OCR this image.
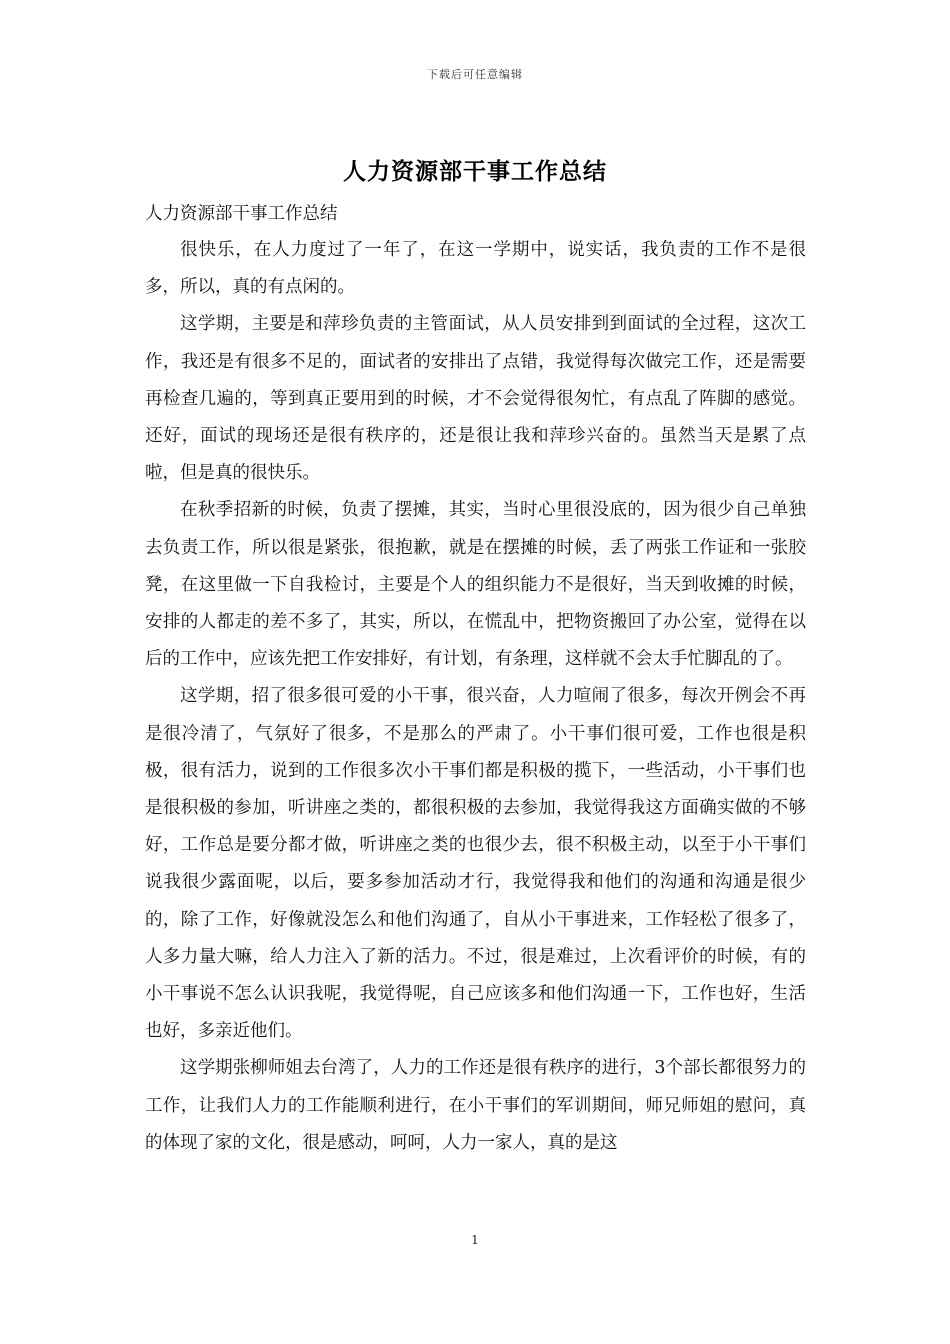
下载后可任意编辑
人力资源部干事工作总结

人力资源部干事工作总结

很快乐，在人力度过了一年了，在这一学期中，说实话，我负责的工作不是很多，所以，真的有点闲的。

这学期，主要是和萍珍负责的主管面试，从人员安排到到面试的全过程，这次工作，我还是有很多不足的，面试者的安排出了点错，我觉得每次做完工作，还是需要再检查几遍的，等到真正要用到的时候，才不会觉得很匆忙，有点乱了阵脚的感觉。还好，面试的现场还是很有秩序的，还是很让我和萍珍兴奋的。虽然当天是累了点啦，但是真的很快乐。

在秋季招新的时候，负责了摆摊，其实，当时心里很没底的，因为很少自己单独去负责工作，所以很是紧张，很抱歉，就是在摆摊的时候，丢了两张工作证和一张胶凳，在这里做一下自我检讨，主要是个人的组织能力不是很好，当天到收摊的时候，安排的人都走的差不多了，其实，所以，在慌乱中，把物资搬回了办公室，觉得在以后的工作中，应该先把工作安排好，有计划，有条理，这样就不会太手忙脚乱的了。

这学期，招了很多很可爱的小干事，很兴奋，人力喧闹了很多，每次开例会不再是很冷清了，气氛好了很多，不是那么的严肃了。小干事们很可爱，工作也很是积极，很有活力，说到的工作很多次小干事们都是积极的揽下，一些活动，小干事们也是很积极的参加，听讲座之类的，都很积极的去参加，我觉得我这方面确实做的不够好，工作总是要分都才做，听讲座之类的也很少去，很不积极主动，以至于小干事们说我很少露面呢，以后，要多参加活动才行，我觉得我和他们的沟通和沟通是很少的，除了工作，好像就没怎么和他们沟通了，自从小干事进来，工作轻松了很多了，人多力量大嘛，给人力注入了新的活力。不过，很是难过，上次看评价的时候，有的小干事说不怎么认识我呢，我觉得呢，自己应该多和他们沟通一下，工作也好，生活也好，多亲近他们。

这学期张柳师姐去台湾了，人力的工作还是很有秩序的进行，3个部长都很努力的工作，让我们人力的工作能顺利进行，在小干事们的军训期间，师兄师姐的慰问，真的体现了家的文化，很是感动，呵呵，人力一家人，真的是这

1
